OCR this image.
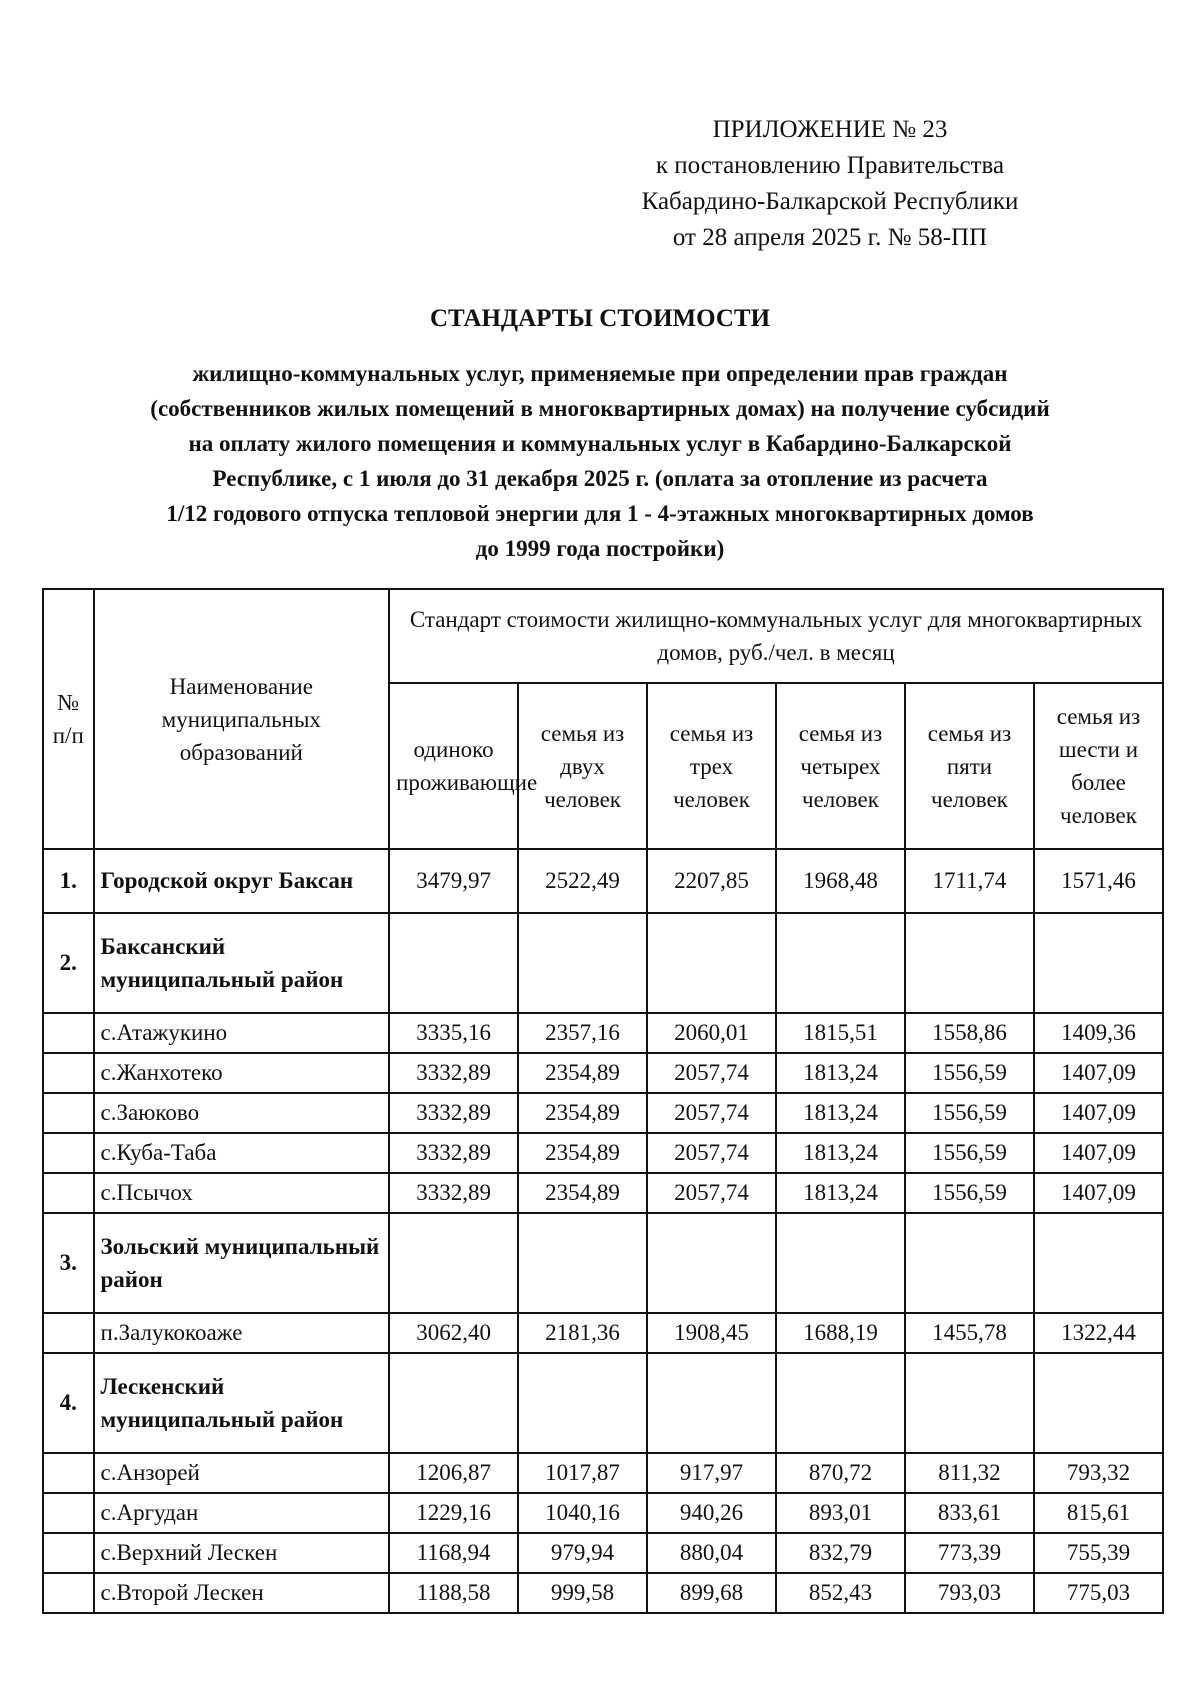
ПРИЛОЖЕНИЕ № 23
к постановлению Правительства
Кабардино-Балкарской Республики
от 28 апреля 2025 г. № 58-ПП
СТАНДАРТЫ СТОИМОСТИ
жилищно-коммунальных услуг, применяемые при определении прав граждан
(собственников жилых помещений в многоквартирных домах) на получение субсидий
на оплату жилого помещения и коммунальных услуг в Кабардино-Балкарской
Республике, с 1 июля до 31 декабря 2025 г. (оплата за отопление из расчета
1/12 годового отпуска тепловой энергии для 1 - 4-этажных многоквартирных домов
до 1999 года постройки)
№ п/п	Наименование муниципальных образований	Стандарт стоимости жилищно-коммунальных услуг для многоквартирных домов, руб./чел. в месяц					
		одиноко проживающие	семья из двух человек	семья из трех человек	семья из четырех человек	семья из пяти человек	семья из шести и более человек
1.	Городской округ Баксан	3479,97	2522,49	2207,85	1968,48	1711,74	1571,46
2.	Баксанский муниципальный район						
	с.Атажукино	3335,16	2357,16	2060,01	1815,51	1558,86	1409,36
	с.Жанхотеко	3332,89	2354,89	2057,74	1813,24	1556,59	1407,09
	с.Заюково	3332,89	2354,89	2057,74	1813,24	1556,59	1407,09
	с.Куба-Таба	3332,89	2354,89	2057,74	1813,24	1556,59	1407,09
	с.Псычох	3332,89	2354,89	2057,74	1813,24	1556,59	1407,09
3.	Зольский муниципальный район						
	п.Залукокоаже	3062,40	2181,36	1908,45	1688,19	1455,78	1322,44
4.	Лескенский муниципальный район						
	с.Анзорей	1206,87	1017,87	917,97	870,72	811,32	793,32
	с.Аргудан	1229,16	1040,16	940,26	893,01	833,61	815,61
	с.Верхний Лескен	1168,94	979,94	880,04	832,79	773,39	755,39
	с.Второй Лескен	1188,58	999,58	899,68	852,43	793,03	775,03
